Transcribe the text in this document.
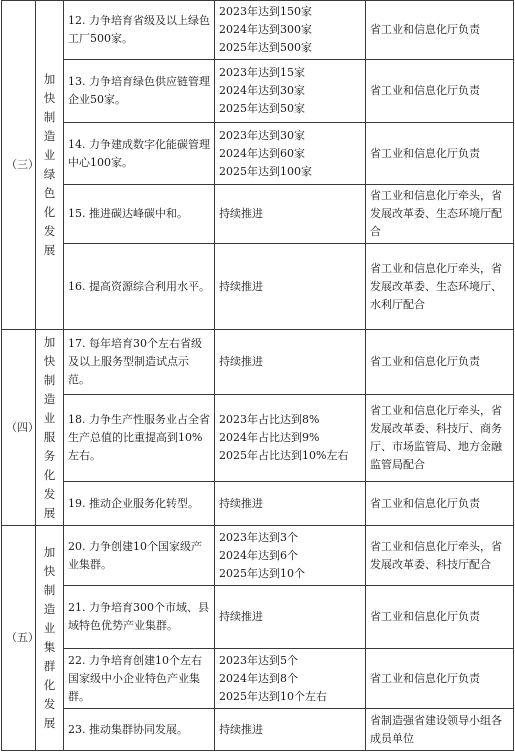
（三）	加快制造业绿色化发展	12. 力争培育省级及以上绿色工厂500家。	2023年达到150家
2024年达到300家
2025年达到500家	省工业和信息化厅负责
		13. 力争培育绿色供应链管理企业50家。	2023年达到15家
2024年达到30家
2025年达到50家	省工业和信息化厅负责
		14. 力争建成数字化能碳管理中心100家。	2023年达到30家
2024年达到60家
2025年达到100家	省工业和信息化厅负责
		15. 推进碳达峰碳中和。	持续推进	省工业和信息化厅牵头，省发展改革委、生态环境厅配合
		16. 提高资源综合利用水平。	持续推进	省工业和信息化厅牵头，省发展改革委、生态环境厅、水利厅配合
（四）	加快制造业服务化发展	17. 每年培育30个左右省级及以上服务型制造试点示范。	持续推进	省工业和信息化厅负责
		18. 力争生产性服务业占全省生产总值的比重提高到10%左右。	2023年占比达到8%
2024年占比达到9%
2025年占比达到10%左右	省工业和信息化厅牵头，省发展改革委、科技厅、商务厅、市场监管局、地方金融监管局配合
		19. 推动企业服务化转型。	持续推进	省工业和信息化厅负责
（五）	加快制造业集群化发展	20. 力争创建10个国家级产业集群。	2023年达到3个
2024年达到6个
2025年达到10个	省工业和信息化厅牵头，省发展改革委、科技厅配合
		21. 力争培育300个市域、县域特色优势产业集群。	持续推进	省工业和信息化厅负责
		22. 力争培育创建10个左右国家级中小企业特色产业集群。	2023年达到5个
2024年达到8个
2025年达到10个左右	省工业和信息化厅负责
		23. 推动集群协同发展。	持续推进	省制造强省建设领导小组各成员单位
